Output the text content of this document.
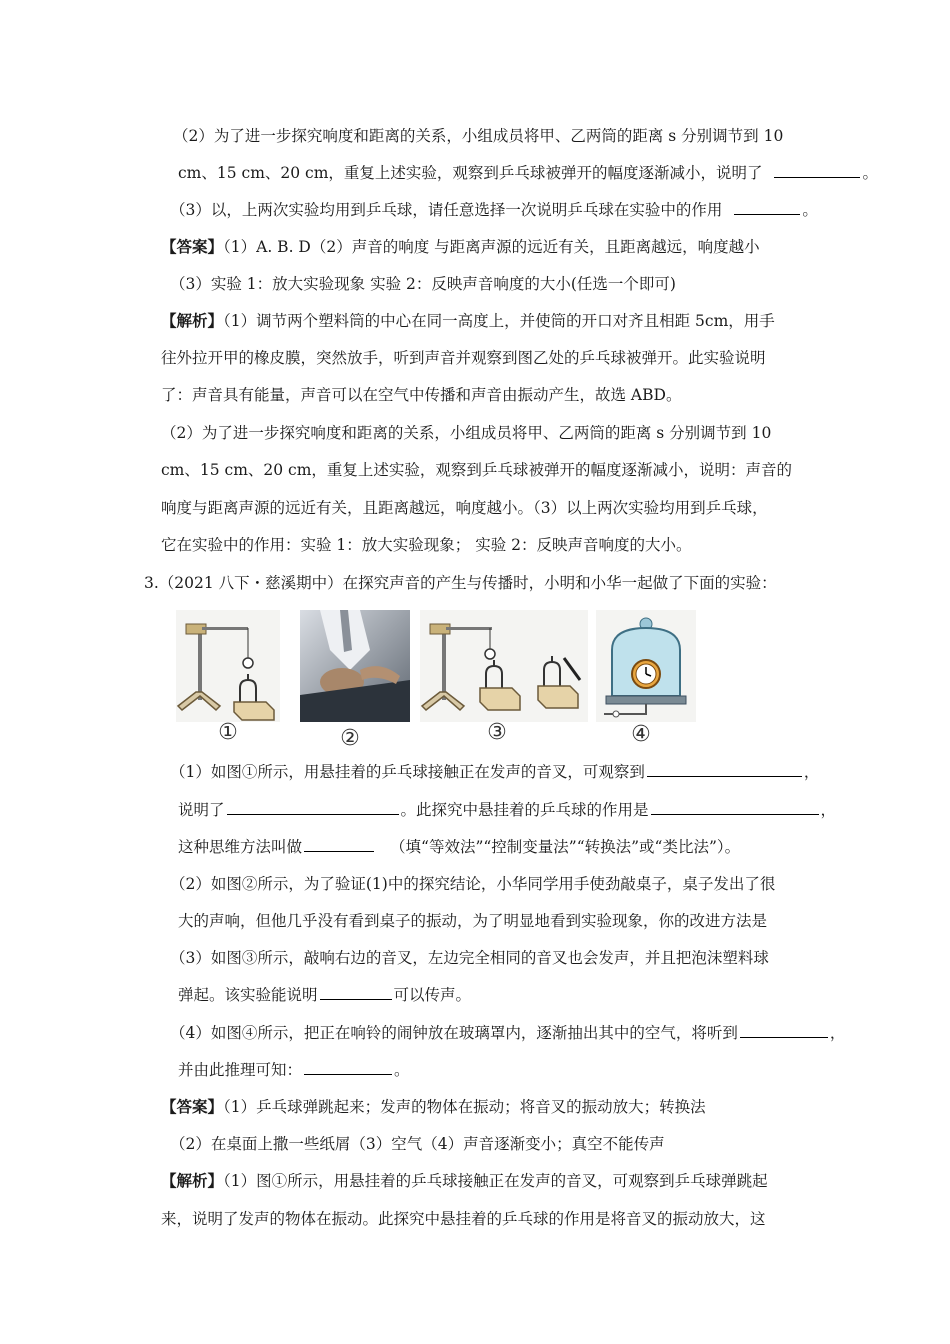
（2）为了进一步探究响度和距离的关系，小组成员将甲、乙两筒的距离 s 分别调节到 10
cm、15 cm、20 cm，重复上述实验，观察到乒乓球被弹开的幅度逐渐减小，说明了	。
（3）以，上两次实验均用到乒乓球，请任意选择一次说明乒乓球在实验中的作用	。
【答案】（1）A. B. D（2）声音的响度 与距离声源的远近有关，且距离越远，响度越小
（3）实验 1：放大实验现象 实验 2：反映声音响度的大小(任选一个即可)
【解析】（1）调节两个塑料筒的中心在同一高度上，并使筒的开口对齐且相距 5cm，用手
往外拉开甲的橡皮膜，突然放手，听到声音并观察到图乙处的乒乓球被弹开。此实验说明
了：声音具有能量，声音可以在空气中传播和声音由振动产生，故选 ABD。
（2）为了进一步探究响度和距离的关系，小组成员将甲、乙两筒的距离 s 分别调节到 10
cm、15 cm、20 cm，重复上述实验，观察到乒乓球被弹开的幅度逐渐减小，说明：声音的
响度与距离声源的远近有关，且距离越远，响度越小。（3）以上两次实验均用到乒乓球，
它在实验中的作用：实验 1：放大实验现象； 实验 2：反映声音响度的大小。
3.（2021 八下・慈溪期中）在探究声音的产生与传播时，小明和小华一起做了下面的实验：
①	②	③	④
（1）如图①所示，用悬挂着的乒乓球接触正在发声的音叉，可观察到	，
说明了	。此探究中悬挂着的乒乓球的作用是	，
这种思维方法叫做	（填“等效法”“控制变量法”“转换法”或“类比法”）。
（2）如图②所示，为了验证(1)中的探究结论，小华同学用手使劲敲桌子，桌子发出了很
大的声响，但他几乎没有看到桌子的振动，为了明显地看到实验现象，你的改进方法是
（3）如图③所示，敲响右边的音叉，左边完全相同的音叉也会发声，并且把泡沫塑料球
弹起。该实验能说明	可以传声。
（4）如图④所示，把正在响铃的闹钟放在玻璃罩内，逐渐抽出其中的空气，将听到	，
并由此推理可知：	。
【答案】（1）乒乓球弹跳起来；发声的物体在振动；将音叉的振动放大；转换法
（2）在桌面上撒一些纸屑（3）空气（4）声音逐渐变小；真空不能传声
【解析】（1）图①所示，用悬挂着的乒乓球接触正在发声的音叉，可观察到乒乓球弹跳起
来，说明了发声的物体在振动。此探究中悬挂着的乒乓球的作用是将音叉的振动放大，这
